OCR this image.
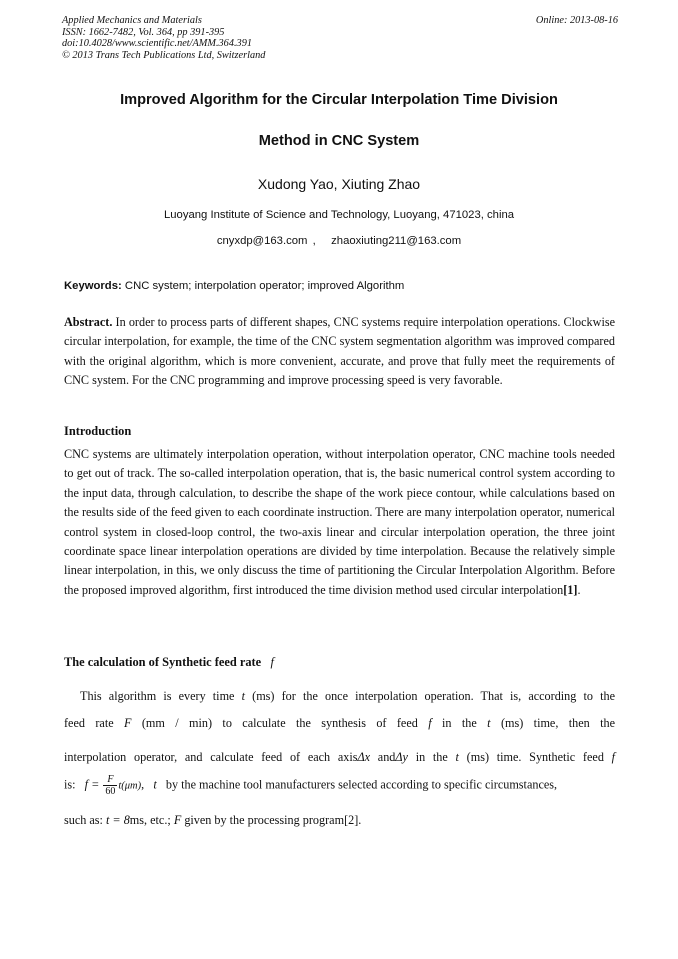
Applied Mechanics and Materials
ISSN: 1662-7482, Vol. 364, pp 391-395
doi:10.4028/www.scientific.net/AMM.364.391
© 2013 Trans Tech Publications Ltd, Switzerland
Online: 2013-08-16
Improved Algorithm for the Circular Interpolation Time Division
Method in CNC System
Xudong Yao, Xiuting Zhao
Luoyang Institute of Science and Technology, Luoyang, 471023, china
cnyxdp@163.com , zhaoxiuting211@163.com
Keywords: CNC system; interpolation operator; improved Algorithm
Abstract. In order to process parts of different shapes, CNC systems require interpolation operations. Clockwise circular interpolation, for example, the time of the CNC system segmentation algorithm was improved compared with the original algorithm, which is more convenient, accurate, and prove that fully meet the requirements of CNC system. For the CNC programming and improve processing speed is very favorable.
Introduction
CNC systems are ultimately interpolation operation, without interpolation operator, CNC machine tools needed to get out of track. The so-called interpolation operation, that is, the basic numerical control system according to the input data, through calculation, to describe the shape of the work piece contour, while calculations based on the results side of the feed given to each coordinate instruction. There are many interpolation operator, numerical control system in closed-loop control, the two-axis linear and circular interpolation operation, the three joint coordinate space linear interpolation operations are divided by time interpolation. Because the relatively simple linear interpolation, in this, we only discuss the time of partitioning the Circular Interpolation Algorithm. Before the proposed improved algorithm, first introduced the time division method used circular interpolation[1].
The calculation of Synthetic feed rate f
This algorithm is every time t (ms) for the once interpolation operation. That is, according to the
feed rate F (mm / min) to calculate the synthesis of feed f in the t (ms) time, then the
interpolation operator, and calculate feed of each axisΔx andΔy in the t (ms) time. Synthetic feed f
is: $f = \frac{F}{60} t(\mu m)$, t by the machine tool manufacturers selected according to specific circumstances,
such as: t = 8ms, etc.; F given by the processing program[2].
